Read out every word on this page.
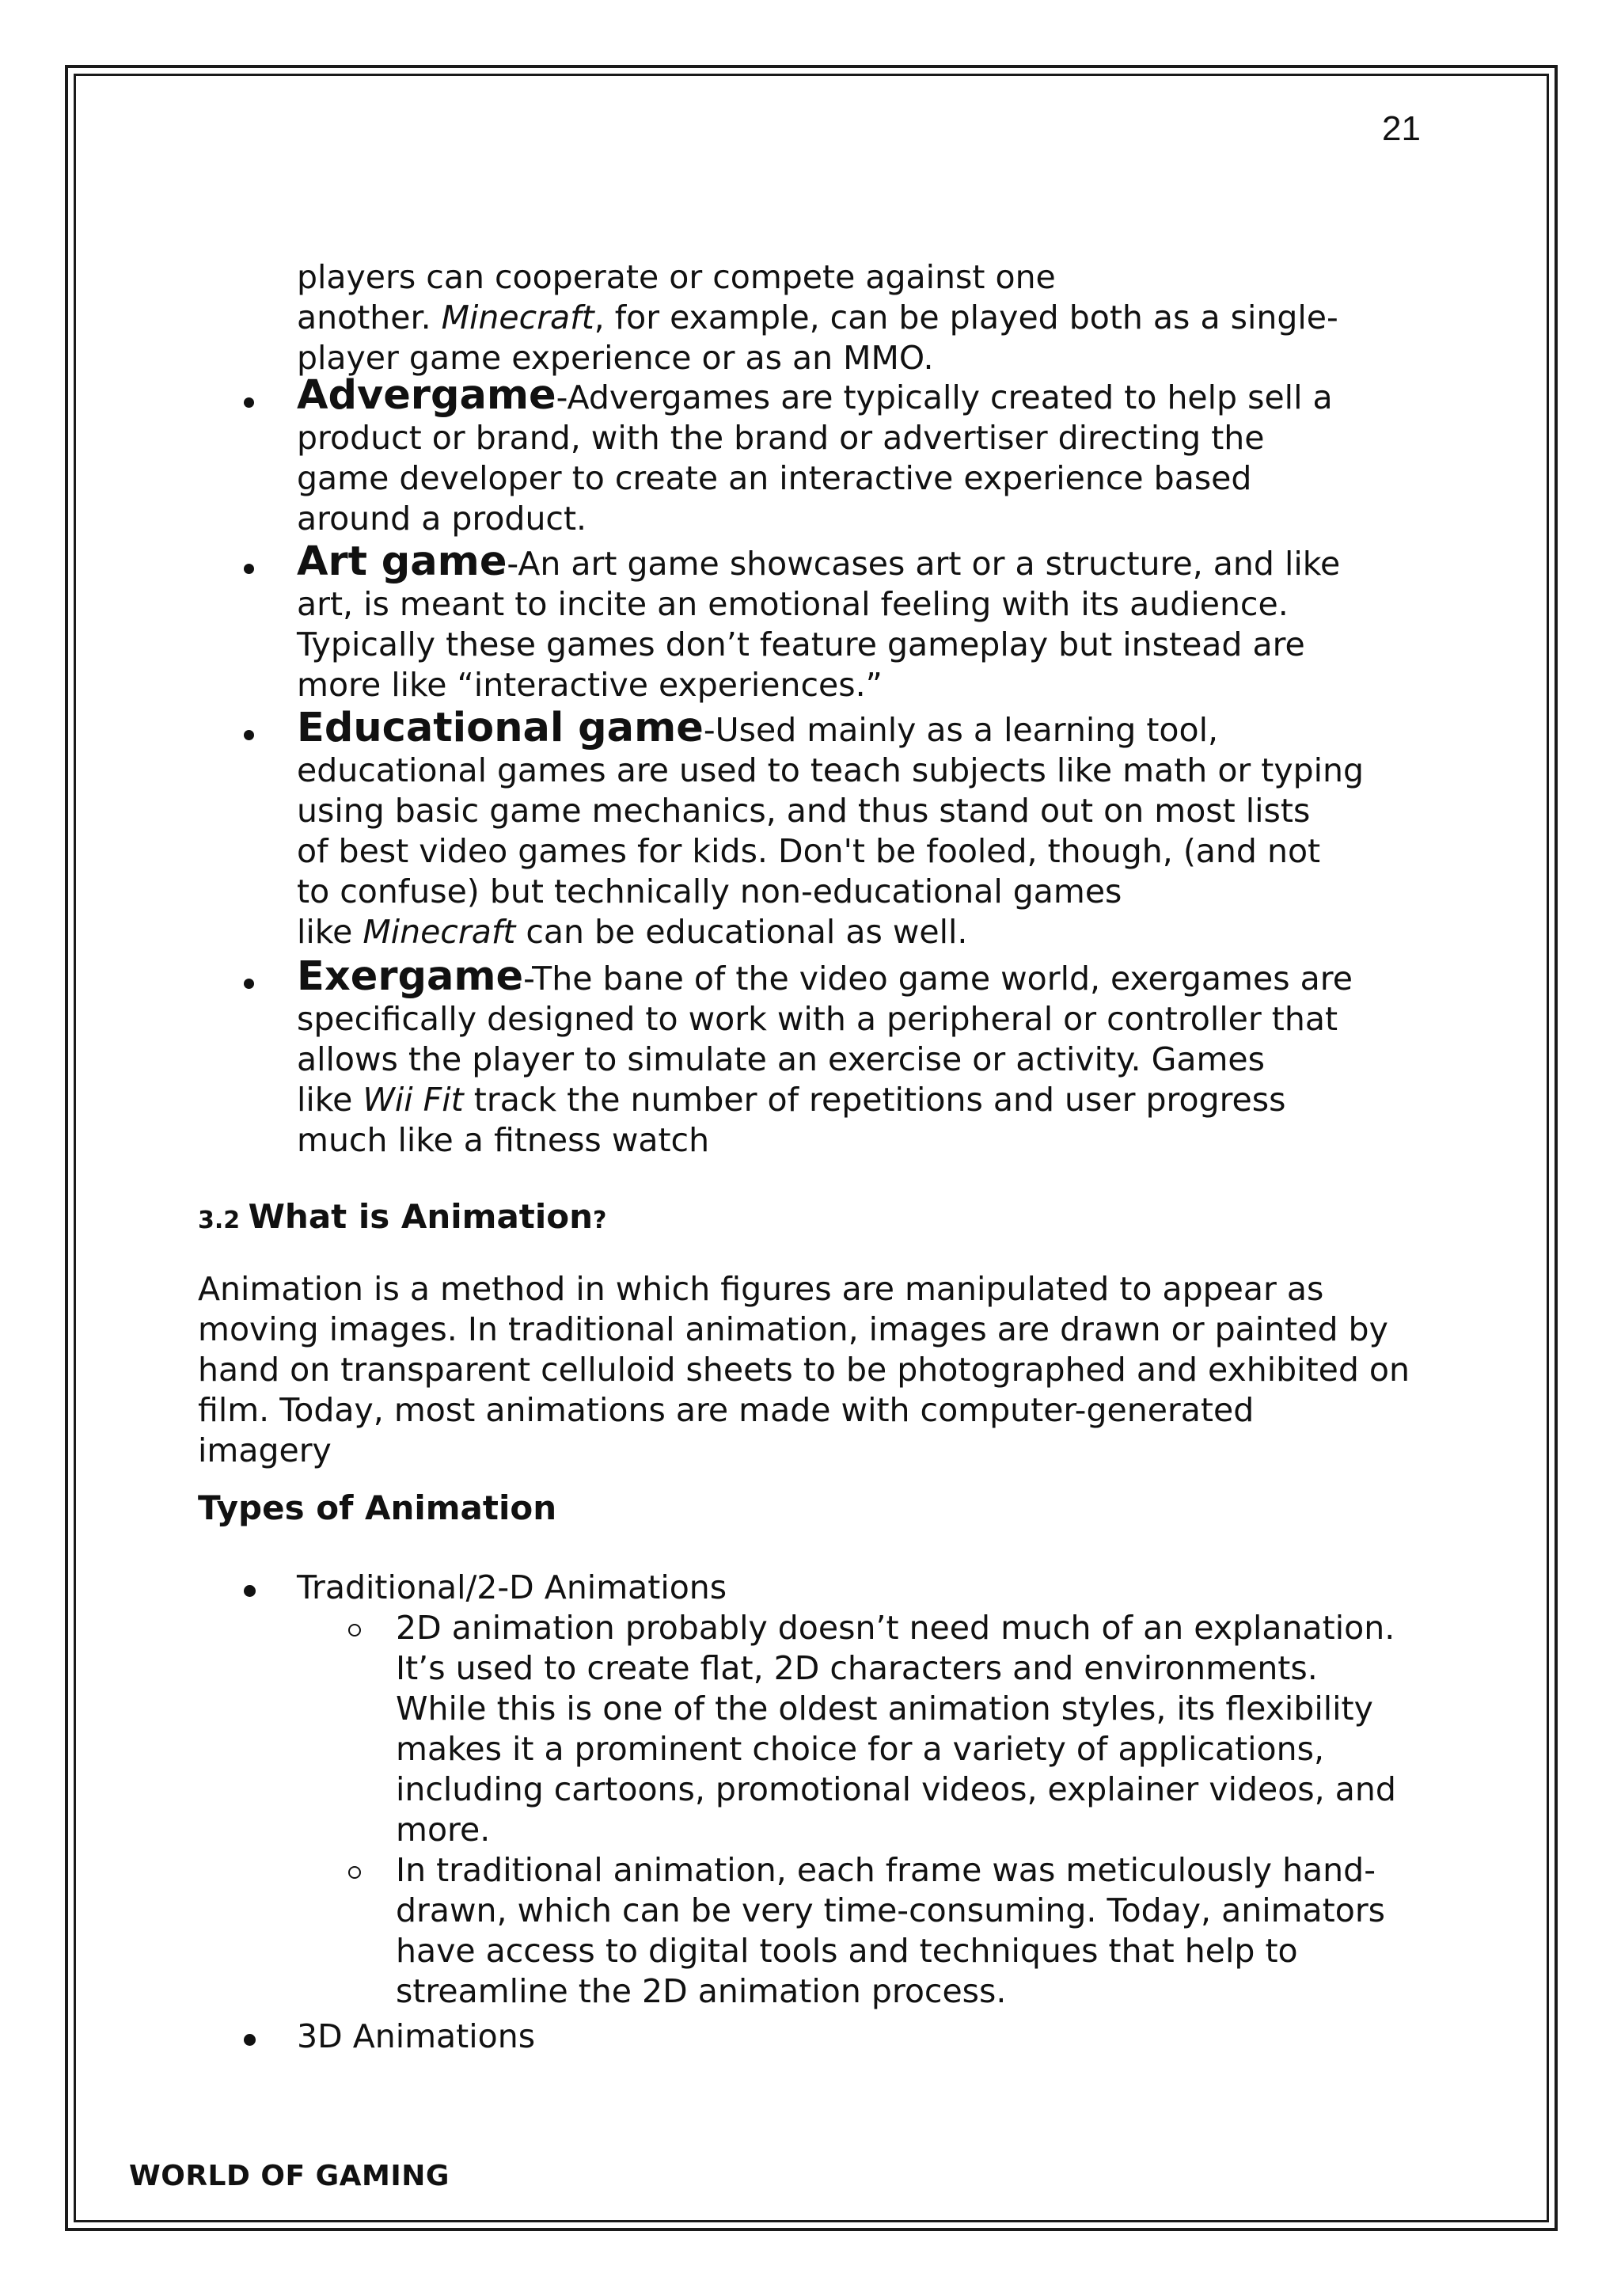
21

players can cooperate or compete against one

another. Minecraft, for example, can be played both as a single-

player game experience or as an MMO.

Advergame-Advergames are typically created to help sell a

product or brand, with the brand or advertiser directing the

game developer to create an interactive experience based

around a product.

Art game-An art game showcases art or a structure, and like

art, is meant to incite an emotional feeling with its audience.

Typically these games don’t feature gameplay but instead are

more like “interactive experiences.”

Educational game-Used mainly as a learning tool,

educational games are used to teach subjects like math or typing

using basic game mechanics, and thus stand out on most lists

of best video games for kids. Don't be fooled, though, (and not

to confuse) but technically non-educational games

like Minecraft can be educational as well.

Exergame-The bane of the video game world, exergames are

specifically designed to work with a peripheral or controller that

allows the player to simulate an exercise or activity. Games

like Wii Fit track the number of repetitions and user progress

much like a fitness watch

3.2 What is Animation?

Animation is a method in which figures are manipulated to appear as

moving images. In traditional animation, images are drawn or painted by

hand on transparent celluloid sheets to be photographed and exhibited on

film. Today, most animations are made with computer-generated

imagery

Types of Animation
Traditional/2-D Animations

2D animation probably doesn’t need much of an explanation.

It’s used to create flat, 2D characters and environments.

While this is one of the oldest animation styles, its flexibility

makes it a prominent choice for a variety of applications,

including cartoons, promotional videos, explainer videos, and

more.

In traditional animation, each frame was meticulously hand-

drawn, which can be very time-consuming. Today, animators

have access to digital tools and techniques that help to

streamline the 2D animation process.

3D Animations
WORLD OF GAMING
